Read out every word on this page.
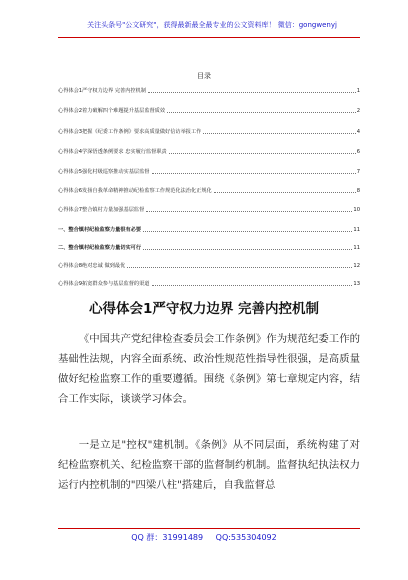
关注头条号"公文研究"，获得最新最全最专业的公文资料库！ 微信：gongwenyj
目录
心得体会1严守权力边界 完善内控机制	1
心得体会2着力破解四个难题提升基层监督质效	2
心得体会3把握《纪委工作条例》要求高质量做好信访举报工作	4
心得体会4学深悟透条例要求 忠实履行监督职责	6
心得体会5强化村级巡察推动实基层监督	7
心得体会6发扬自我革命精神推动纪检监察工作规范化法治化正规化	8
心得体会7整合镇村力量加强基层监督	10
一、整合镇村纪检监察力量很有必要	11
二、整合镇村纪检监察力量切实可行	11
心得体会8绝对忠诚 做到最优	12
心得体会9拓宽群众参与基层监督的渠道	13
心得体会1严守权力边界 完善内控机制

《中国共产党纪律检查委员会工作条例》作为规范纪委工作的基础性法规，内容全面系统、政治性规范性指导性很强，是高质量做好纪检监察工作的重要遵循。围绕《条例》第七章规定内容，结合工作实际，谈谈学习体会。

一是立足"控权"建机制。《条例》从不同层面，系统构建了对纪检监察机关、纪检监察干部的监督制约机制。监督执纪执法权力运行内控机制的"四梁八柱"搭建后，自我监督总

QQ 群：31991489 QQ:535304092
